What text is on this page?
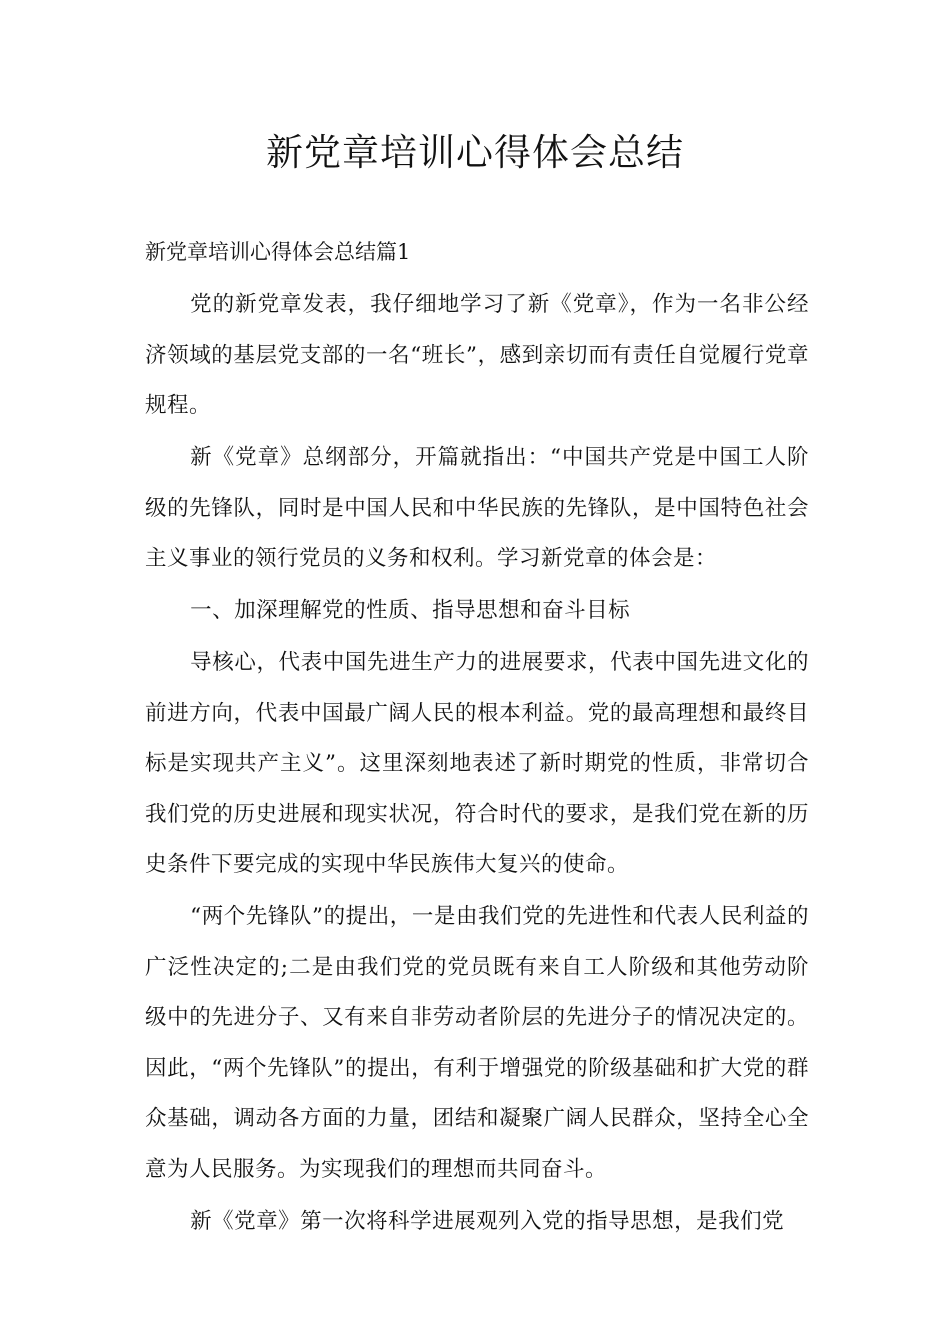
新党章培训心得体会总结

新党章培训心得体会总结篇1

党的新党章发表，我仔细地学习了新《党章》，作为一名非公经济领域的基层党支部的一名“班长”，感到亲切而有责任自觉履行党章规程。

新《党章》总纲部分，开篇就指出：“中国共产党是中国工人阶级的先锋队，同时是中国人民和中华民族的先锋队，是中国特色社会主义事业的领行党员的义务和权利。学习新党章的体会是：

一、加深理解党的性质、指导思想和奋斗目标

导核心，代表中国先进生产力的进展要求，代表中国先进文化的前进方向，代表中国最广阔人民的根本利益。党的最高理想和最终目标是实现共产主义”。这里深刻地表述了新时期党的性质，非常切合我们党的历史进展和现实状况，符合时代的要求，是我们党在新的历史条件下要完成的实现中华民族伟大复兴的使命。

“两个先锋队”的提出，一是由我们党的先进性和代表人民利益的广泛性决定的;二是由我们党的党员既有来自工人阶级和其他劳动阶级中的先进分子、又有来自非劳动者阶层的先进分子的情况决定的。因此，“两个先锋队”的提出，有利于增强党的阶级基础和扩大党的群众基础，调动各方面的力量，团结和凝聚广阔人民群众，坚持全心全意为人民服务。为实现我们的理想而共同奋斗。

新《党章》第一次将科学进展观列入党的指导思想，是我们党
